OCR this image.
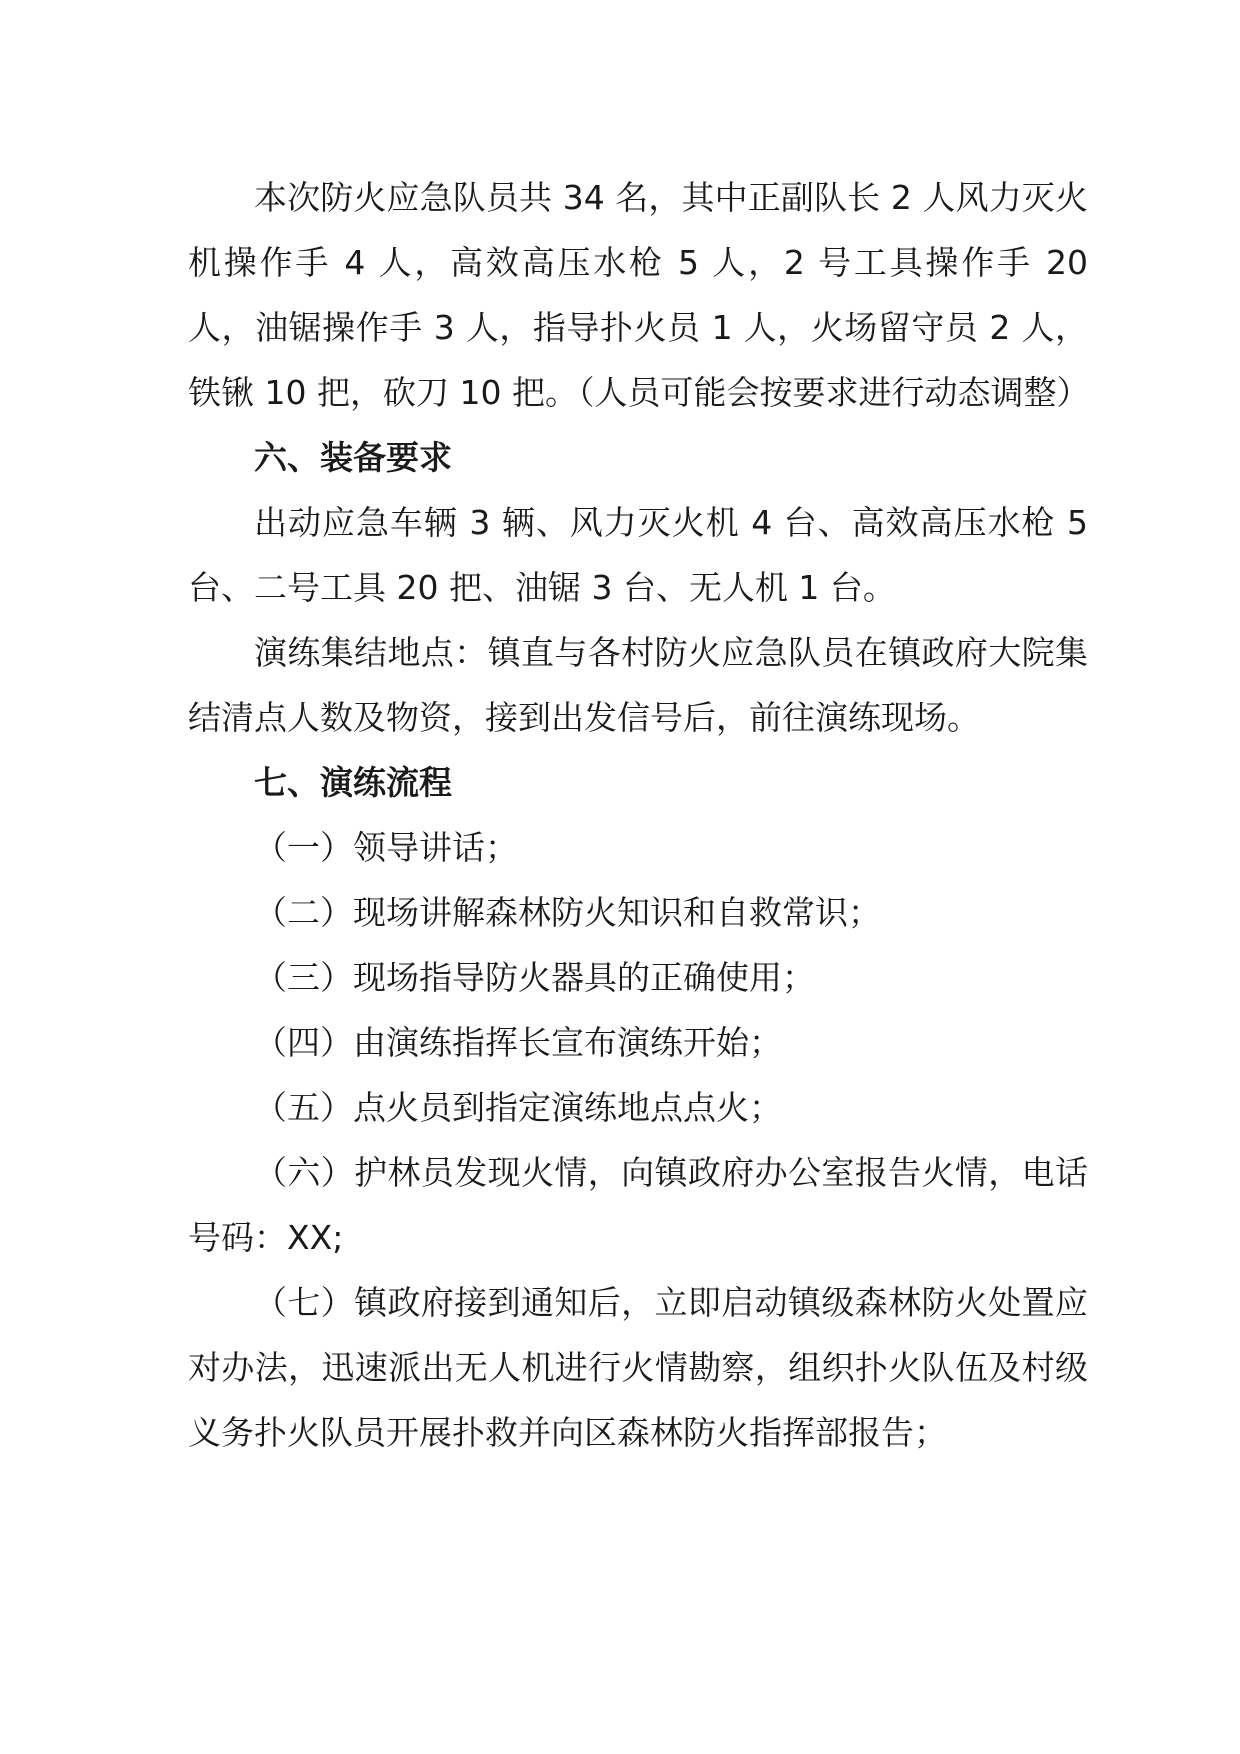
本次防火应急队员共 34 名，其中正副队长 2 人风力灭火机操作手 4 人，高效高压水枪 5 人，2 号工具操作手 20 人，油锯操作手 3 人，指导扑火员 1 人，火场留守员 2 人，铁锹 10 把，砍刀 10 把。（人员可能会按要求进行动态调整）

六、装备要求

出动应急车辆 3 辆、风力灭火机 4 台、高效高压水枪 5 台、二号工具 20 把、油锯 3 台、无人机 1 台。

演练集结地点：镇直与各村防火应急队员在镇政府大院集结清点人数及物资，接到出发信号后，前往演练现场。

七、演练流程

（一）领导讲话；

（二）现场讲解森林防火知识和自救常识；

（三）现场指导防火器具的正确使用；

（四）由演练指挥长宣布演练开始；

（五）点火员到指定演练地点点火；

（六）护林员发现火情，向镇政府办公室报告火情，电话号码：XX;

（七）镇政府接到通知后，立即启动镇级森林防火处置应对办法，迅速派出无人机进行火情勘察，组织扑火队伍及村级义务扑火队员开展扑救并向区森林防火指挥部报告；
